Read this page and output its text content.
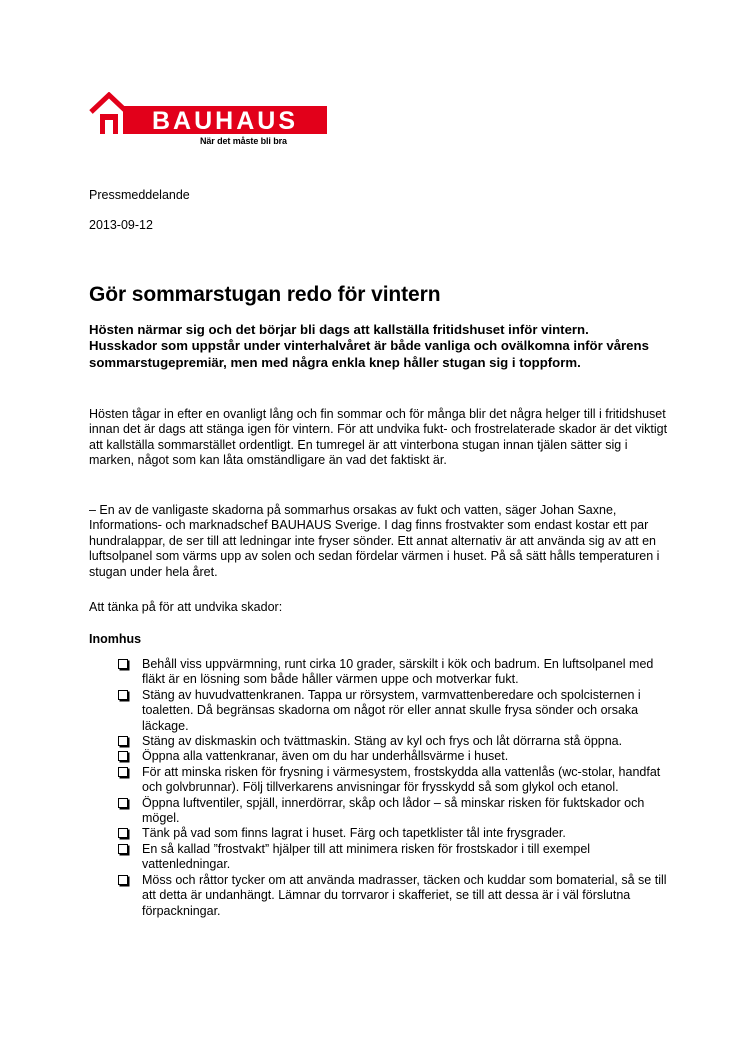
BAUHAUS
När det måste bli bra
Pressmeddelande
2013-09-12
Gör sommarstugan redo för vintern

Hösten närmar sig och det börjar bli dags att kallställa fritidshuset inför vintern. Husskador som uppstår under vinterhalvåret är både vanliga och ovälkomna inför vårens sommarstugepremiär, men med några enkla knep håller stugan sig i toppform.

Hösten tågar in efter en ovanligt lång och fin sommar och för många blir det några helger till i fritidshuset innan det är dags att stänga igen för vintern. För att undvika fukt- och frostrelaterade skador är det viktigt att kallställa sommarstället ordentligt. En tumregel är att vinterbona stugan innan tjälen sätter sig i marken, något som kan låta omständligare än vad det faktiskt är.

– En av de vanligaste skadorna på sommarhus orsakas av fukt och vatten, säger Johan Saxne, Informations- och marknadschef BAUHAUS Sverige. I dag finns frostvakter som endast kostar ett par hundralappar, de ser till att ledningar inte fryser sönder. Ett annat alternativ är att använda sig av att en luftsolpanel som värms upp av solen och sedan fördelar värmen i huset. På så sätt hålls temperaturen i stugan under hela året.

Att tänka på för att undvika skador:

Inomhus
Behåll viss uppvärmning, runt cirka 10 grader, särskilt i kök och badrum. En luftsolpanel med fläkt är en lösning som både håller värmen uppe och motverkar fukt.
Stäng av huvudvattenkranen. Tappa ur rörsystem, varmvattenberedare och spolcisternen i toaletten. Då begränsas skadorna om något rör eller annat skulle frysa sönder och orsaka läckage.
Stäng av diskmaskin och tvättmaskin. Stäng av kyl och frys och låt dörrarna stå öppna.
Öppna alla vattenkranar, även om du har underhållsvärme i huset.
För att minska risken för frysning i värmesystem, frostskydda alla vattenlås (wc-stolar, handfat och golvbrunnar). Följ tillverkarens anvisningar för frysskydd så som glykol och etanol.
Öppna luftventiler, spjäll, innerdörrar, skåp och lådor – så minskar risken för fuktskador och mögel.
Tänk på vad som finns lagrat i huset. Färg och tapetklister tål inte frysgrader.
En så kallad ”frostvakt” hjälper till att minimera risken för frostskador i till exempel vattenledningar.
Möss och råttor tycker om att använda madrasser, täcken och kuddar som bomaterial, så se till att detta är undanhängt. Lämnar du torrvaror i skafferiet, se till att dessa är i väl förslutna förpackningar.
